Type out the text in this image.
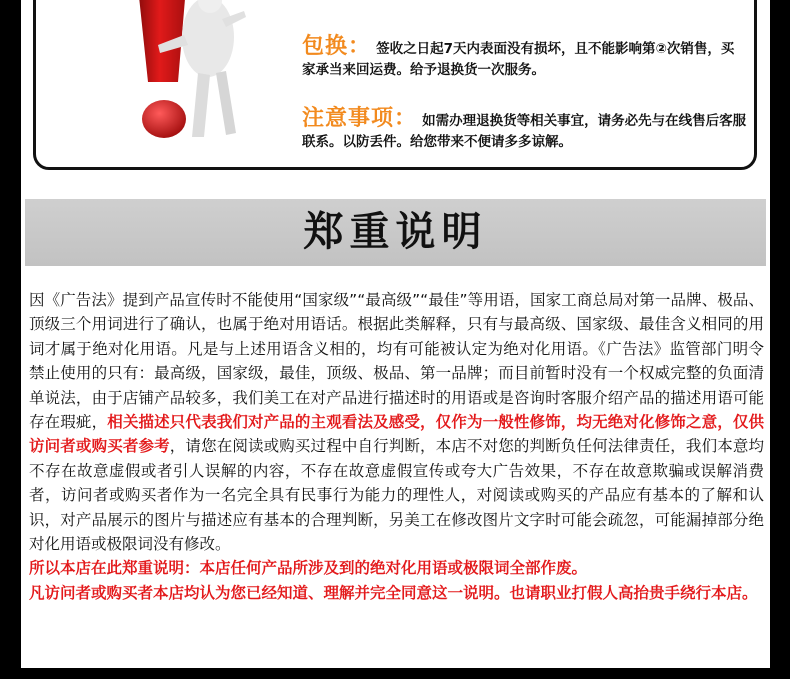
包换： 签收之日起7天内表面没有损坏，且不能影响第②次销售，买家承当来回运费。给予退换货一次服务。
注意事项： 如需办理退换货等相关事宜，请务必先与在线售后客服联系。以防丢件。给您带来不便请多多谅解。
郑重说明
因《广告法》提到产品宣传时不能使用“国家级”“最高级”“最佳”等用语，国家工商总局对第一品牌、极品、顶级三个用词进行了确认，也属于绝对用语话。根据此类解释，只有与最高级、国家级、最佳含义相同的用词才属于绝对化用语。凡是与上述用语含义相的，均有可能被认定为绝对化用语。《广告法》监管部门明令禁止使用的只有：最高级，国家级，最佳，顶级、极品、第一品牌；而目前暂时没有一个权威完整的负面清单说法，由于店铺产品较多，我们美工在对产品进行描述时的用语或是咨询时客服介绍产品的描述用语可能存在瑕疵，相关描述只代表我们对产品的主观看法及感受，仅作为一般性修饰，均无绝对化修饰之意，仅供访问者或购买者参考，请您在阅读或购买过程中自行判断，本店不对您的判断负任何法律责任，我们本意均不存在故意虚假或者引人误解的内容，不存在故意虚假宣传或夸大广告效果，不存在故意欺骗或误解消费者，访问者或购买者作为一名完全具有民事行为能力的理性人，对阅读或购买的产品应有基本的了解和认识，对产品展示的图片与描述应有基本的合理判断，另美工在修改图片文字时可能会疏忽，可能漏掉部分绝对化用语或极限词没有修改。
所以本店在此郑重说明：本店任何产品所涉及到的绝对化用语或极限词全部作废。
凡访问者或购买者本店均认为您已经知道、理解并完全同意这一说明。也请职业打假人高抬贵手绕行本店。
